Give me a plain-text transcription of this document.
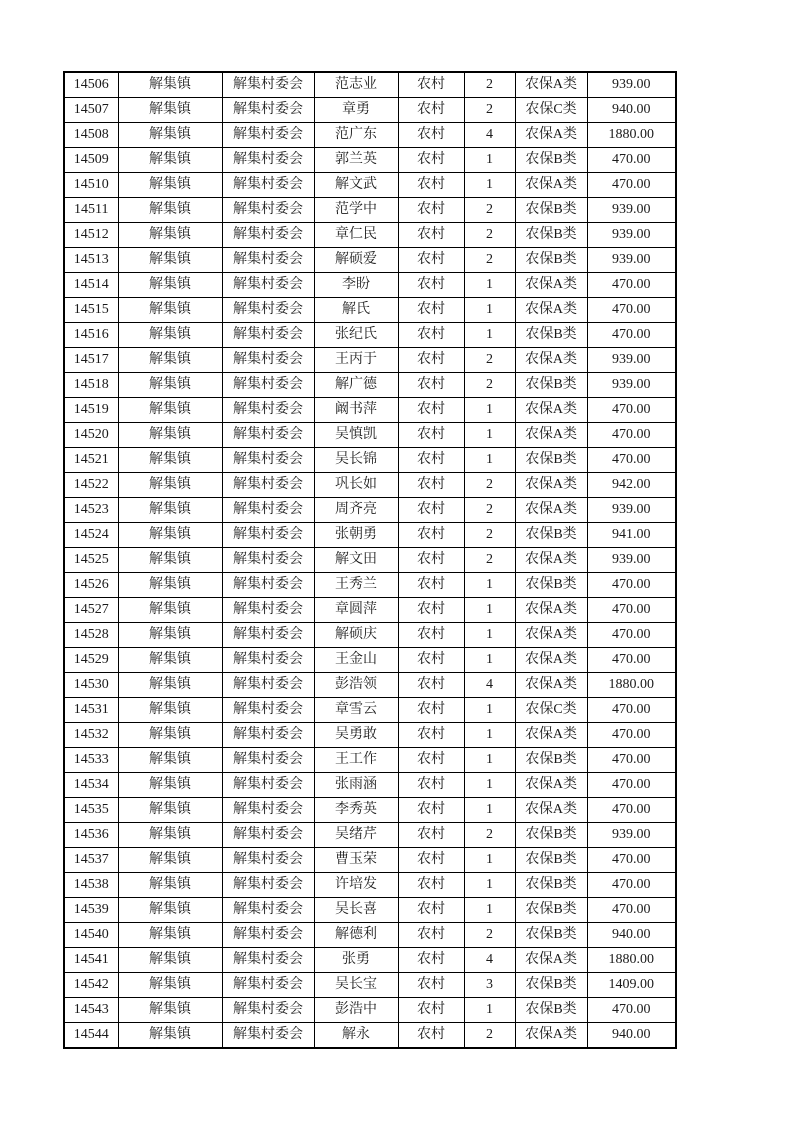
14506	解集镇	解集村委会	范志业	农村	2	农保A类	939.00
14507	解集镇	解集村委会	章勇	农村	2	农保C类	940.00
14508	解集镇	解集村委会	范广东	农村	4	农保A类	1880.00
14509	解集镇	解集村委会	郭兰英	农村	1	农保B类	470.00
14510	解集镇	解集村委会	解文武	农村	1	农保A类	470.00
14511	解集镇	解集村委会	范学中	农村	2	农保B类	939.00
14512	解集镇	解集村委会	章仁民	农村	2	农保B类	939.00
14513	解集镇	解集村委会	解硕爱	农村	2	农保B类	939.00
14514	解集镇	解集村委会	李盼	农村	1	农保A类	470.00
14515	解集镇	解集村委会	解氏	农村	1	农保A类	470.00
14516	解集镇	解集村委会	张纪氏	农村	1	农保B类	470.00
14517	解集镇	解集村委会	王丙于	农村	2	农保A类	939.00
14518	解集镇	解集村委会	解广德	农村	2	农保B类	939.00
14519	解集镇	解集村委会	阚书萍	农村	1	农保A类	470.00
14520	解集镇	解集村委会	吴慎凯	农村	1	农保A类	470.00
14521	解集镇	解集村委会	吴长锦	农村	1	农保B类	470.00
14522	解集镇	解集村委会	巩长如	农村	2	农保A类	942.00
14523	解集镇	解集村委会	周齐亮	农村	2	农保A类	939.00
14524	解集镇	解集村委会	张朝勇	农村	2	农保B类	941.00
14525	解集镇	解集村委会	解文田	农村	2	农保A类	939.00
14526	解集镇	解集村委会	王秀兰	农村	1	农保B类	470.00
14527	解集镇	解集村委会	章圆萍	农村	1	农保A类	470.00
14528	解集镇	解集村委会	解硕庆	农村	1	农保A类	470.00
14529	解集镇	解集村委会	王金山	农村	1	农保A类	470.00
14530	解集镇	解集村委会	彭浩领	农村	4	农保A类	1880.00
14531	解集镇	解集村委会	章雪云	农村	1	农保C类	470.00
14532	解集镇	解集村委会	吴勇敢	农村	1	农保A类	470.00
14533	解集镇	解集村委会	王工作	农村	1	农保B类	470.00
14534	解集镇	解集村委会	张雨涵	农村	1	农保A类	470.00
14535	解集镇	解集村委会	李秀英	农村	1	农保A类	470.00
14536	解集镇	解集村委会	吴绪芹	农村	2	农保B类	939.00
14537	解集镇	解集村委会	曹玉荣	农村	1	农保B类	470.00
14538	解集镇	解集村委会	许培发	农村	1	农保B类	470.00
14539	解集镇	解集村委会	吴长喜	农村	1	农保B类	470.00
14540	解集镇	解集村委会	解德利	农村	2	农保B类	940.00
14541	解集镇	解集村委会	张勇	农村	4	农保A类	1880.00
14542	解集镇	解集村委会	吴长宝	农村	3	农保B类	1409.00
14543	解集镇	解集村委会	彭浩中	农村	1	农保B类	470.00
14544	解集镇	解集村委会	解永	农村	2	农保A类	940.00
